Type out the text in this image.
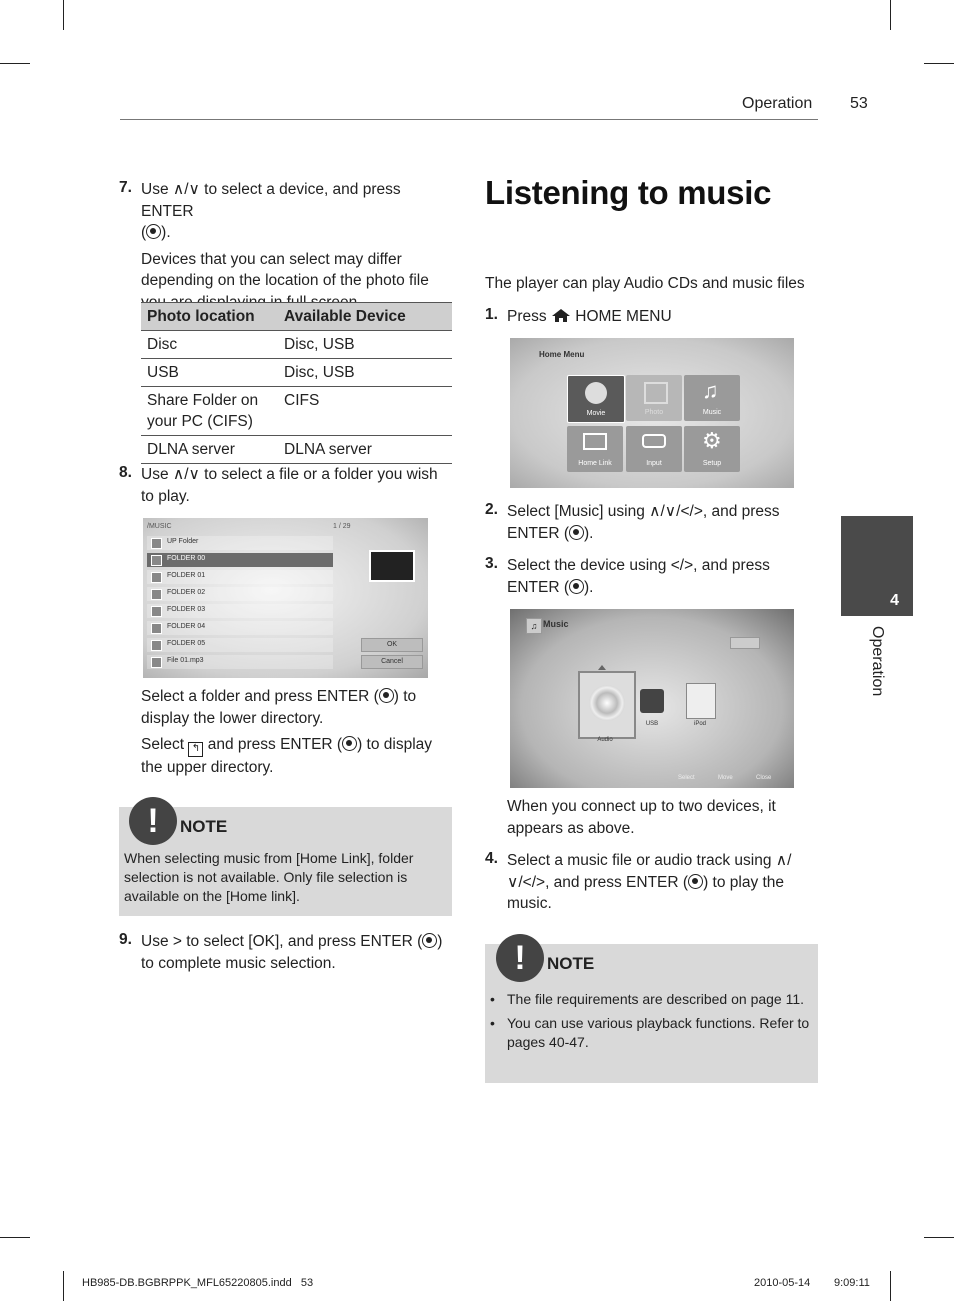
Operation 53
4
Operation
7. Use ∧/∨ to select a device, and press ENTER
( ).

Devices that you can select may differ depending on the location of the photo file

Photo location	Available Device
Disc	Disc, USB
USB	Disc, USB
Share Folder on your PC (CIFS)	CIFS
DLNA server	DLNA server
8. Use ∧/∨ to select a file or a folder you wish to play.
/MUSIC	1 / 29
UP Folder
FOLDER 00
FOLDER 01
FOLDER 02
FOLDER 03
FOLDER 04
FOLDER 05
File 01.mp3
OK
Cancel
Select a folder and press ENTER ( ) to display the lower directory.
Select ↰ and press ENTER ( ) to display the upper directory.
!	NOTE
When selecting music from [Home Link], folder selection is not available. Only file selection is available on the [Home link].
9. Use > to select [OK], and press ENTER ( ) to complete music selection.
Listening to music
The player can play Audio CDs and music files
1. Press  HOME MENU
Home Menu
Movie	Photo
♫
Music
Home Link	Input
⚙
Setup
2. Select [Music] using ∧/∨/</>, and press ENTER ( ).
3. Select the device using </>, and press ENTER ( ).
♫ Music
Audio
USB	iPod
Select	Move	Close
When you connect up to two devices, it appears as above.
4. Select a music file or audio track using ∧/∨/</>, and press ENTER ( ) to play the music.
!	NOTE
• The file requirements are described on page 11.
• You can use various playback functions. Refer to pages 40-47.
HB985-DB.BGBRPPK_MFL65220805.indd   53	2010-05-14 9:09:11
